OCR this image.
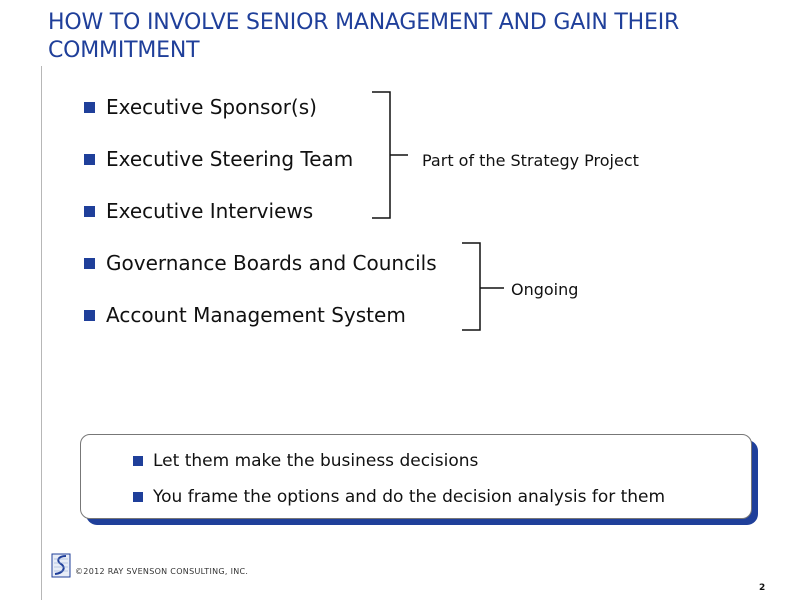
HOW TO INVOLVE SENIOR MANAGEMENT AND GAIN THEIR COMMITMENT
Executive Sponsor(s)
Executive Steering Team
Executive Interviews
Governance Boards and Councils
Account Management System
Part of the Strategy Project
Ongoing
Let them make the business decisions
You frame the options and do the decision analysis for them
©2012 RAY SVENSON CONSULTING, INC.
2
